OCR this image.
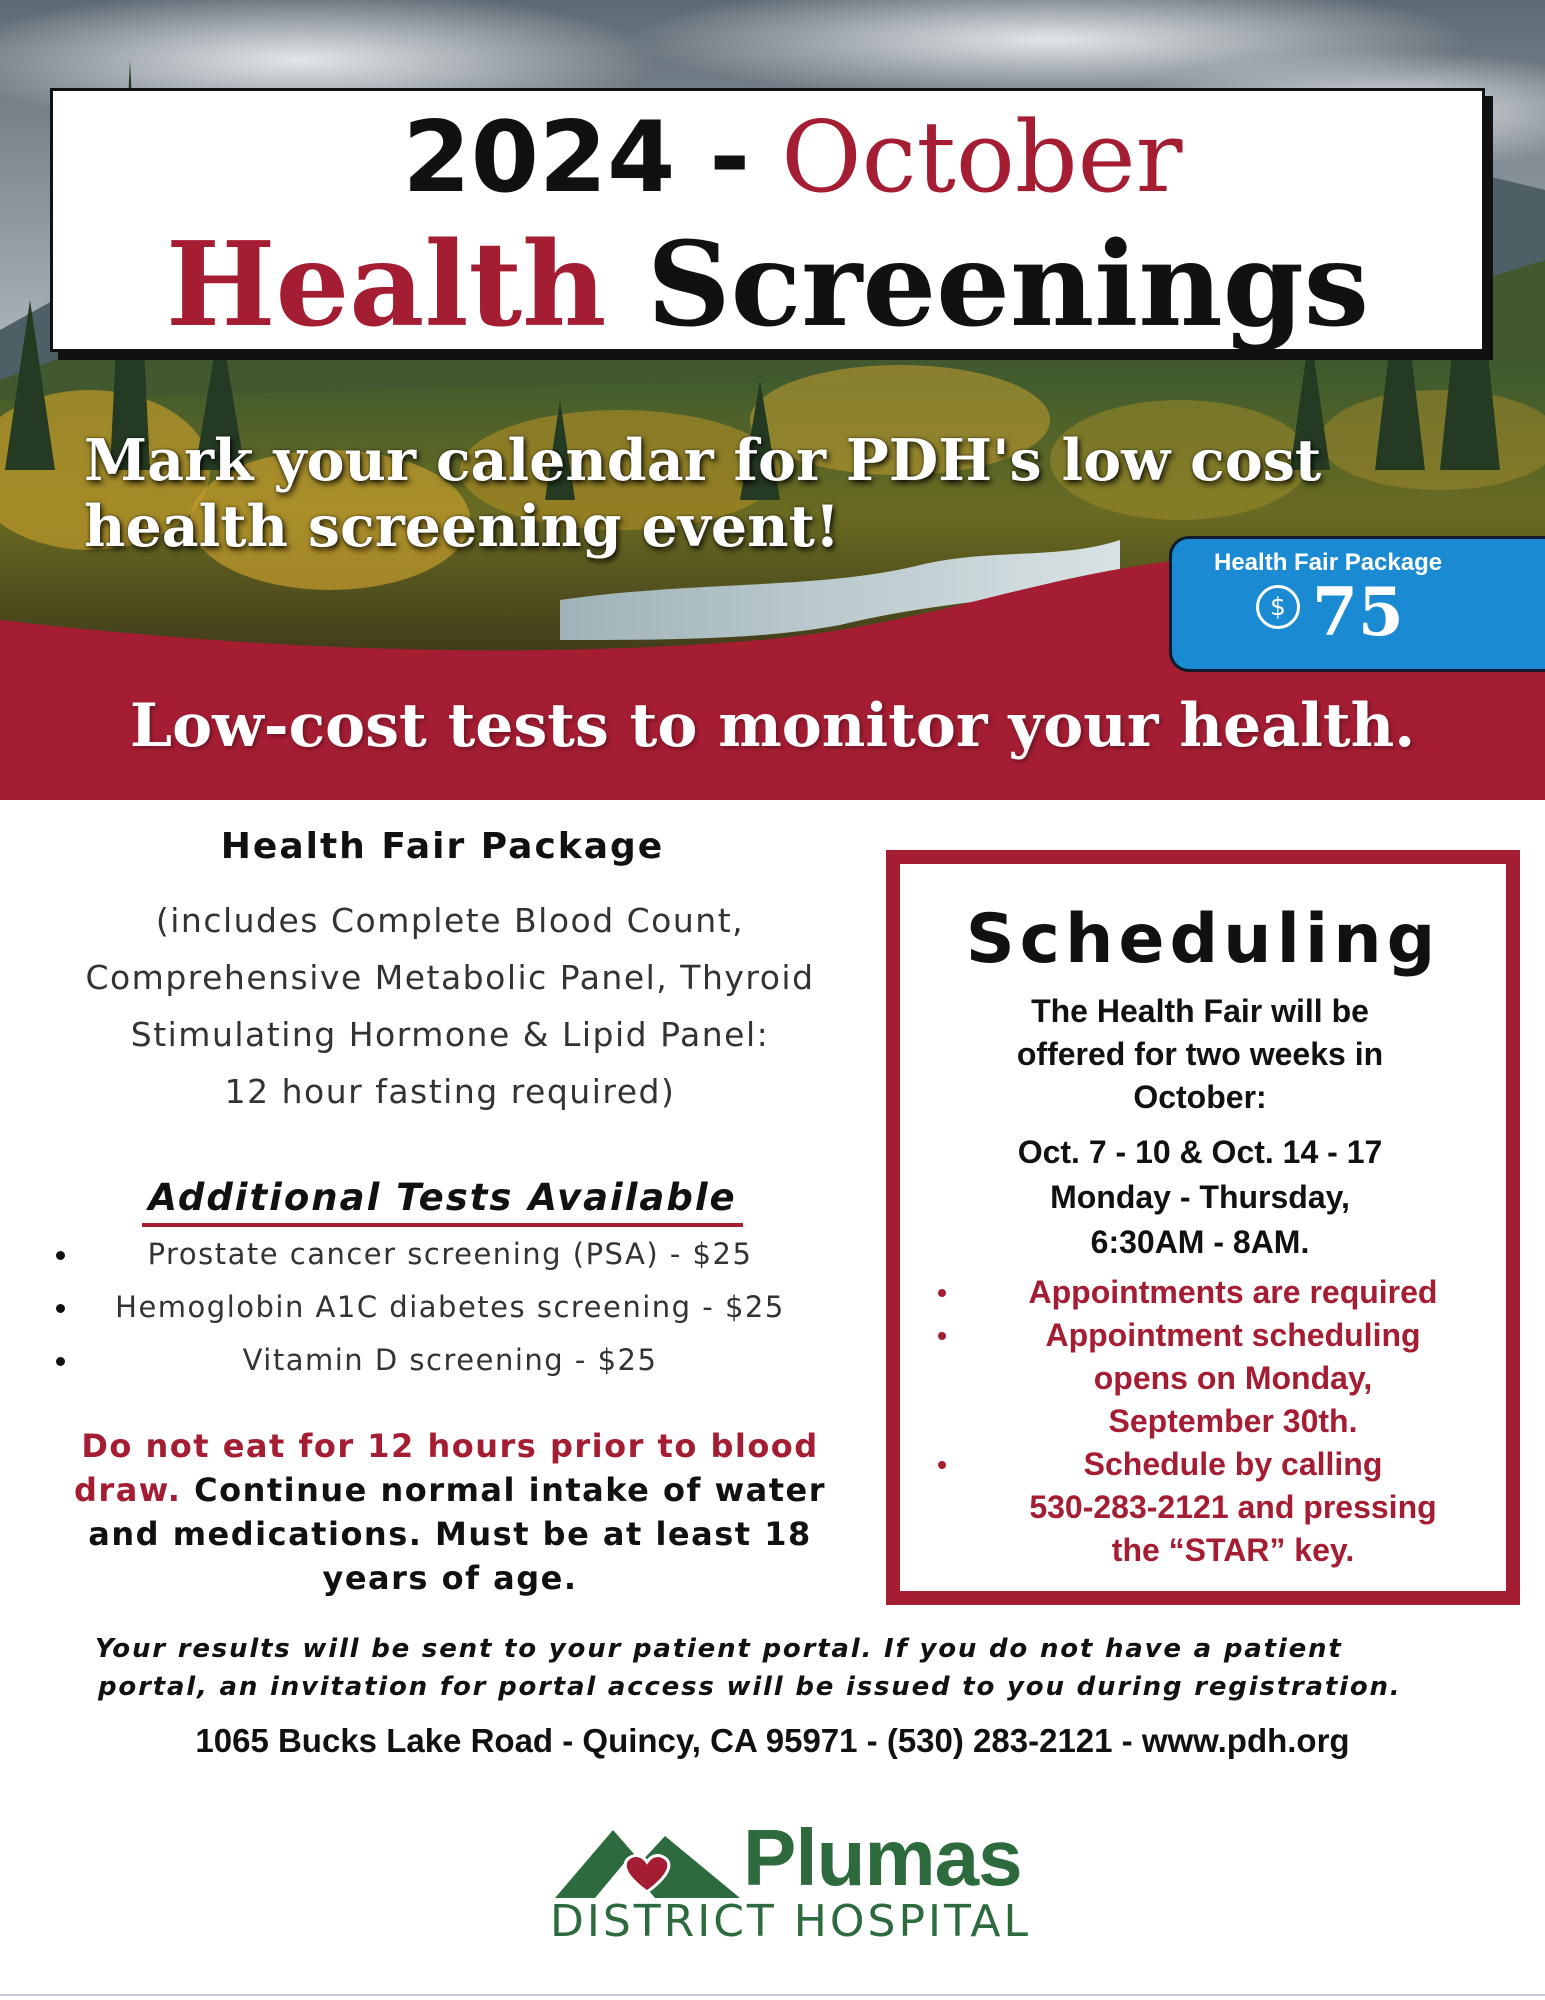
2024 - October
Health Screenings
Mark your calendar for PDH's low cost
health screening event!
Health Fair Package
$ 75
Low-cost tests to monitor your health.
Health Fair Package
(includes Complete Blood Count,
Comprehensive Metabolic Panel, Thyroid
Stimulating Hormone & Lipid Panel:
12 hour fasting required)
Additional Tests Available
Prostate cancer screening (PSA) - $25
Hemoglobin A1C diabetes screening - $25
Vitamin D screening - $25
Do not eat for 12 hours prior to blood draw. Continue normal intake of water and medications. Must be at least 18 years of age.
Scheduling
The Health Fair will be
offered for two weeks in
October:
Oct. 7 - 10 & Oct. 14 - 17
Monday - Thursday,
6:30AM - 8AM.
Appointments are required
Appointment scheduling
opens on Monday,
September 30th.
Schedule by calling
530-283-2121 and pressing
the “STAR” key.
Your results will be sent to your patient portal. If you do not have a patient
portal, an invitation for portal access will be issued to you during registration.
1065 Bucks Lake Road - Quincy, CA 95971 - (530) 283-2121 - www.pdh.org
Plumas
DISTRICT HOSPITAL
